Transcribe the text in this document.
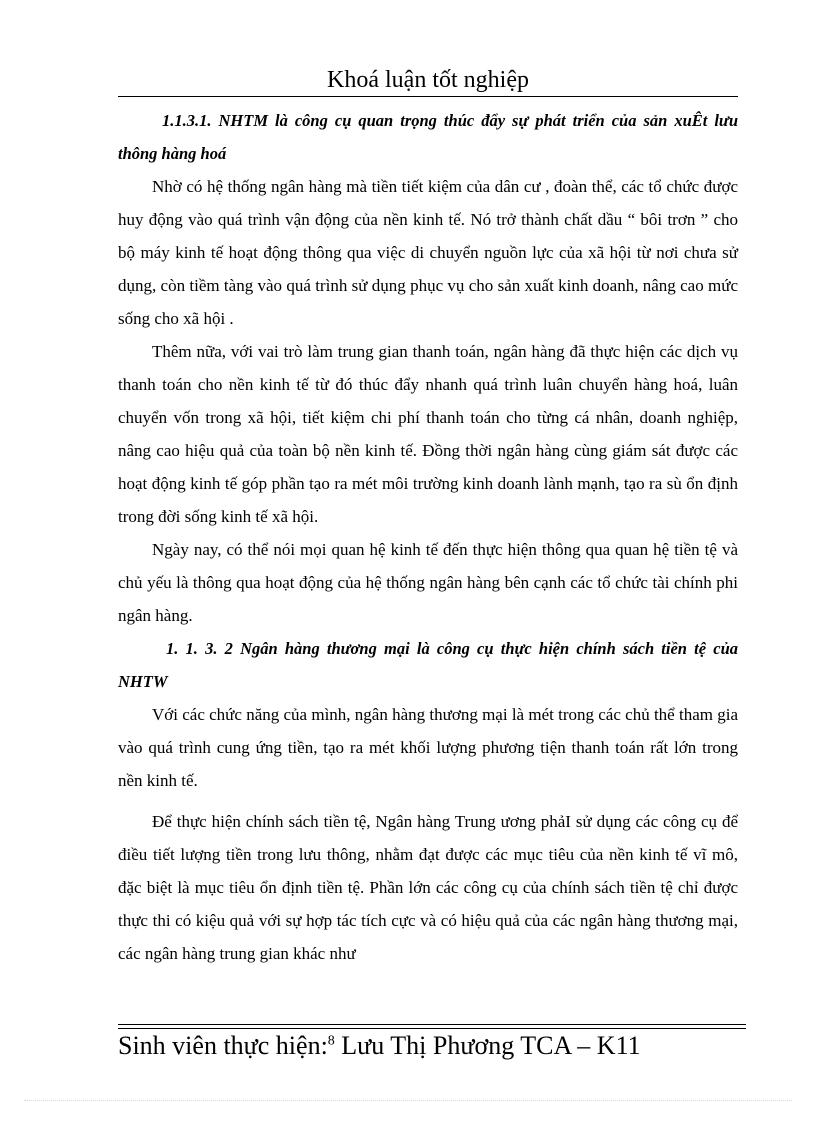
Khoá luận tốt nghiệp

1.1.3.1. NHTM là công cụ quan trọng thúc đẩy sự phát triển của sản xuÊt lưu thông hàng hoá

Nhờ có hệ thống ngân hàng mà tiền tiết kiệm của dân cư , đoàn thể, các tổ chức được huy động vào quá trình vận động của nền kinh tế. Nó trở thành chất dầu “ bôi trơn ” cho bộ máy kinh tế hoạt động thông qua việc di chuyển nguồn lực của xã hội từ nơi chưa sử dụng, còn tiềm tàng vào quá trình sử dụng phục vụ cho sản xuất kinh doanh, nâng cao mức sống cho xã hội .

Thêm nữa, với vai trò làm trung gian thanh toán, ngân hàng đã thực hiện các dịch vụ thanh toán cho nền kinh tế từ đó thúc đẩy nhanh quá trình luân chuyển hàng hoá, luân chuyển vốn trong xã hội, tiết kiệm chi phí thanh toán cho từng cá nhân, doanh nghiệp, nâng cao hiệu quả của toàn bộ nền kinh tế. Đồng thời ngân hàng cùng giám sát được các hoạt động kinh tế góp phần tạo ra mét môi trường kinh doanh lành mạnh, tạo ra sù ổn định trong đời sống kinh tế xã hội.

Ngày nay, có thể nói mọi quan hệ kinh tế đến thực hiện thông qua quan hệ tiền tệ và chủ yếu là thông qua hoạt động của hệ thống ngân hàng bên cạnh các tổ chức tài chính phi ngân hàng.

1. 1. 3. 2 Ngân hàng thương mại là công cụ thực hiện chính sách tiền tệ của NHTW

Với các chức năng của mình, ngân hàng thương mại là mét trong các chủ thể tham gia vào quá trình cung ứng tiền, tạo ra mét khối lượng phương tiện thanh toán rất lớn trong nền kinh tế.

Để thực hiện chính sách tiền tệ, Ngân hàng Trung ương phảI sử dụng các công cụ để điều tiết lượng tiền trong lưu thông, nhằm đạt được các mục tiêu của nền kinh tế vĩ mô, đặc biệt là mục tiêu ổn định tiền tệ. Phần lớn các công cụ của chính sách tiền tệ chỉ được thực thi có kiệu quả với sự hợp tác tích cực và có hiệu quả của các ngân hàng thương mại, các ngân hàng trung gian khác như

Sinh viên thực hiện:$^8$ Lưu Thị Phương TCA – K11
